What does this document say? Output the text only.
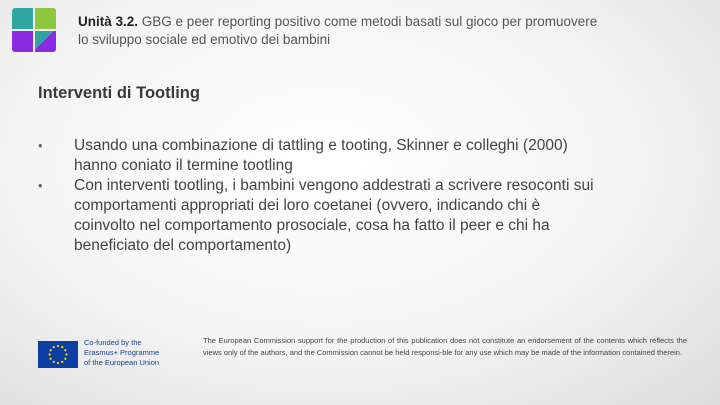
Unità 3.2. GBG e peer reporting positivo come metodi basati sul gioco per promuovere lo sviluppo sociale ed emotivo dei bambini
Interventi di Tootling
•	Usando una combinazione di tattling e tooting, Skinner e colleghi (2000) hanno coniato il termine tootling
•	Con interventi tootling, i bambini vengono addestrati a scrivere resoconti sui comportamenti appropriati dei loro coetanei (ovvero, indicando chi è coinvolto nel comportamento prosociale, cosa ha fatto il peer e chi ha beneficiato del comportamento)
Co-funded by the
Erasmus+ Programme
of the European Union
The European Commission support for the production of this publication does not constitute an endorsement of the contents which reflects the views only of the authors, and the Commission cannot be held responsi-ble for any use which may be made of the information contained therein.
